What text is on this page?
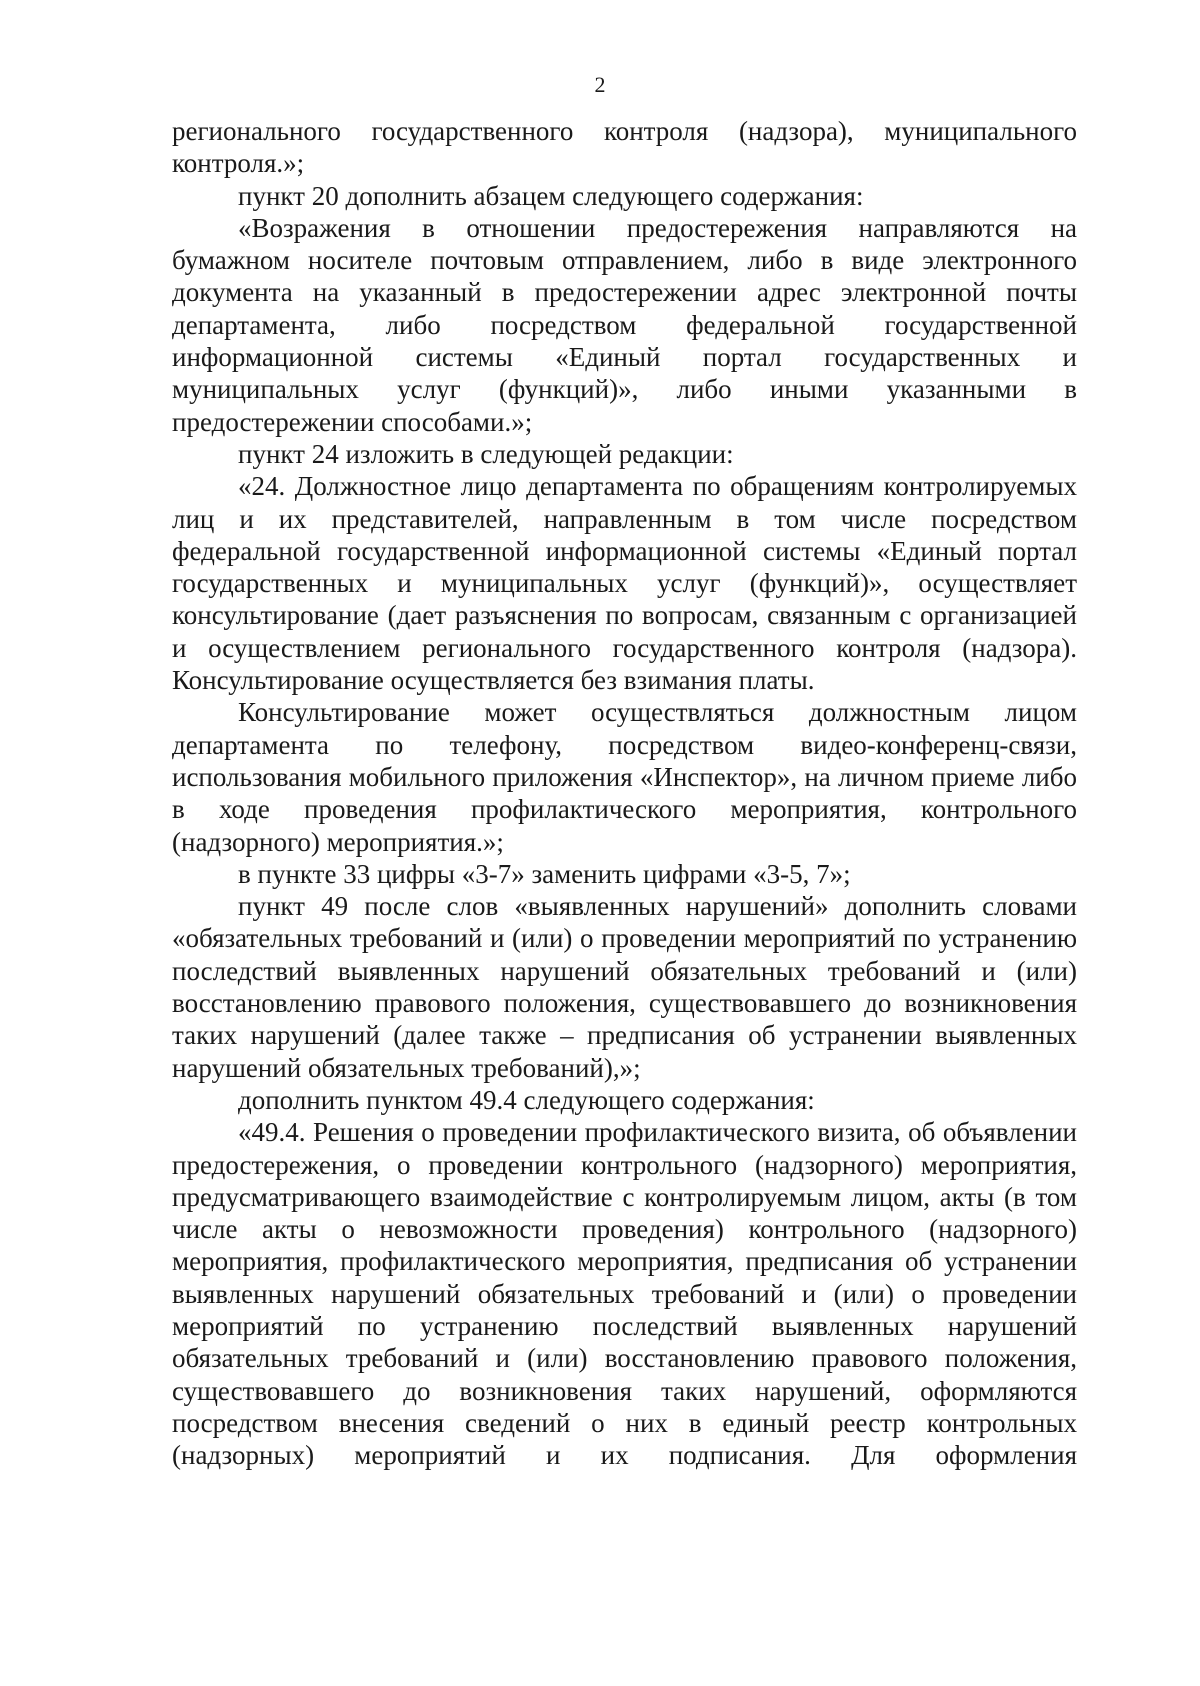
2

регионального государственного контроля (надзора), муниципального контроля.»;

пункт 20 дополнить абзацем следующего содержания:

«Возражения в отношении предостережения направляются на бумажном носителе почтовым отправлением, либо в виде электронного документа на указанный в предостережении адрес электронной почты департамента, либо посредством федеральной государственной информационной системы «Единый портал государственных и муниципальных услуг (функций)», либо иными указанными в предостережении способами.»;

пункт 24 изложить в следующей редакции:

«24. Должностное лицо департамента по обращениям контролируемых лиц и их представителей, направленным в том числе посредством федеральной государственной информационной системы «Единый портал государственных и муниципальных услуг (функций)», осуществляет консультирование (дает разъяснения по вопросам, связанным с организацией и осуществлением регионального государственного контроля (надзора). Консультирование осуществляется без взимания платы.

Консультирование может осуществляться должностным лицом департамента по телефону, посредством видео-конференц-связи, использования мобильного приложения «Инспектор», на личном приеме либо в ходе проведения профилактического мероприятия, контрольного (надзорного) мероприятия.»;

в пункте 33 цифры «3-7» заменить цифрами «3-5, 7»;

пункт 49 после слов «выявленных нарушений» дополнить словами «обязательных требований и (или) о проведении мероприятий по устранению последствий выявленных нарушений обязательных требований и (или) восстановлению правового положения, существовавшего до возникновения таких нарушений (далее также – предписания об устранении выявленных нарушений обязательных требований),»;

дополнить пунктом 49.4 следующего содержания:

«49.4. Решения о проведении профилактического визита, об объявлении предостережения, о проведении контрольного (надзорного) мероприятия, предусматривающего взаимодействие с контролируемым лицом, акты (в том числе акты о невозможности проведения) контрольного (надзорного) мероприятия, профилактического мероприятия, предписания об устранении выявленных нарушений обязательных требований и (или) о проведении мероприятий по устранению последствий выявленных нарушений обязательных требований и (или) восстановлению правового положения, существовавшего до возникновения таких нарушений, оформляются посредством внесения сведений о них в единый реестр контрольных (надзорных) мероприятий и их подписания. Для оформления
